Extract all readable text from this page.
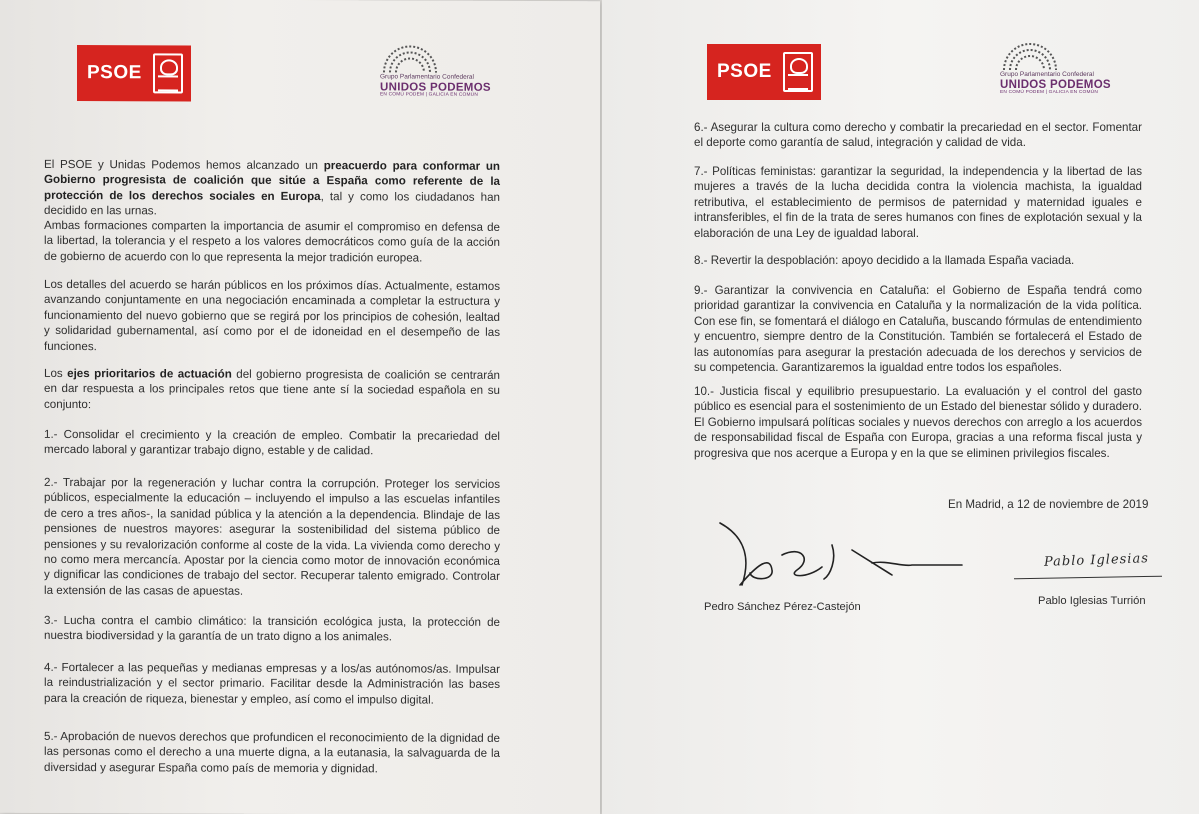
PSOE	Grupo Parlamentario Confederal
UNIDOS PODEMOS
EN COMÚ PODEM | GALICIA EN COMÚN

El PSOE y Unidas Podemos hemos alcanzado un preacuerdo para conformar un Gobierno progresista de coalición que sitúe a España como referente de la protección de los derechos sociales en Europa, tal y como los ciudadanos han decidido en las urnas.

Ambas formaciones comparten la importancia de asumir el compromiso en defensa de la libertad, la tolerancia y el respeto a los valores democráticos como guía de la acción de gobierno de acuerdo con lo que representa la mejor tradición europea.

Los detalles del acuerdo se harán públicos en los próximos días. Actualmente, estamos avanzando conjuntamente en una negociación encaminada a completar la estructura y funcionamiento del nuevo gobierno que se regirá por los principios de cohesión, lealtad y solidaridad gubernamental, así como por el de idoneidad en el desempeño de las funciones.

Los ejes prioritarios de actuación del gobierno progresista de coalición se centrarán en dar respuesta a los principales retos que tiene ante sí la sociedad española en su conjunto:

1.- Consolidar el crecimiento y la creación de empleo. Combatir la precariedad del mercado laboral y garantizar trabajo digno, estable y de calidad.

2.- Trabajar por la regeneración y luchar contra la corrupción. Proteger los servicios públicos, especialmente la educación – incluyendo el impulso a las escuelas infantiles de cero a tres años-, la sanidad pública y la atención a la dependencia. Blindaje de las pensiones de nuestros mayores: asegurar la sostenibilidad del sistema público de pensiones y su revalorización conforme al coste de la vida. La vivienda como derecho y no como mera mercancía. Apostar por la ciencia como motor de innovación económica y dignificar las condiciones de trabajo del sector. Recuperar talento emigrado. Controlar la extensión de las casas de apuestas.

3.- Lucha contra el cambio climático: la transición ecológica justa, la protección de nuestra biodiversidad y la garantía de un trato digno a los animales.

4.- Fortalecer a las pequeñas y medianas empresas y a los/as autónomos/as. Impulsar la reindustrialización y el sector primario. Facilitar desde la Administración las bases para la creación de riqueza, bienestar y empleo, así como el impulso digital.

5.- Aprobación de nuevos derechos que profundicen el reconocimiento de la dignidad de las personas como el derecho a una muerte digna, a la eutanasia, la salvaguarda de la diversidad y asegurar España como país de memoria y dignidad.

PSOE	Grupo Parlamentario Confederal
UNIDOS PODEMOS
EN COMÚ PODEM | GALICIA EN COMÚN

6.- Asegurar la cultura como derecho y combatir la precariedad en el sector. Fomentar el deporte como garantía de salud, integración y calidad de vida.

7.- Políticas feministas: garantizar la seguridad, la independencia y la libertad de las mujeres a través de la lucha decidida contra la violencia machista, la igualdad retributiva, el establecimiento de permisos de paternidad y maternidad iguales e intransferibles, el fin de la trata de seres humanos con fines de explotación sexual y la elaboración de una Ley de igualdad laboral.

8.- Revertir la despoblación: apoyo decidido a la llamada España vaciada.

9.- Garantizar la convivencia en Cataluña: el Gobierno de España tendrá como prioridad garantizar la convivencia en Cataluña y la normalización de la vida política. Con ese fin, se fomentará el diálogo en Cataluña, buscando fórmulas de entendimiento y encuentro, siempre dentro de la Constitución. También se fortalecerá el Estado de las autonomías para asegurar la prestación adecuada de los derechos y servicios de su competencia. Garantizaremos la igualdad entre todos los españoles.

10.- Justicia fiscal y equilibrio presupuestario. La evaluación y el control del gasto público es esencial para el sostenimiento de un Estado del bienestar sólido y duradero. El Gobierno impulsará políticas sociales y nuevos derechos con arreglo a los acuerdos de responsabilidad fiscal de España con Europa, gracias a una reforma fiscal justa y progresiva que nos acerque a Europa y en la que se eliminen privilegios fiscales.

En Madrid, a 12 de noviembre de 2019
Pedro Sánchez Pérez-Castejón
Pablo Iglesias
Pablo Iglesias Turrión
